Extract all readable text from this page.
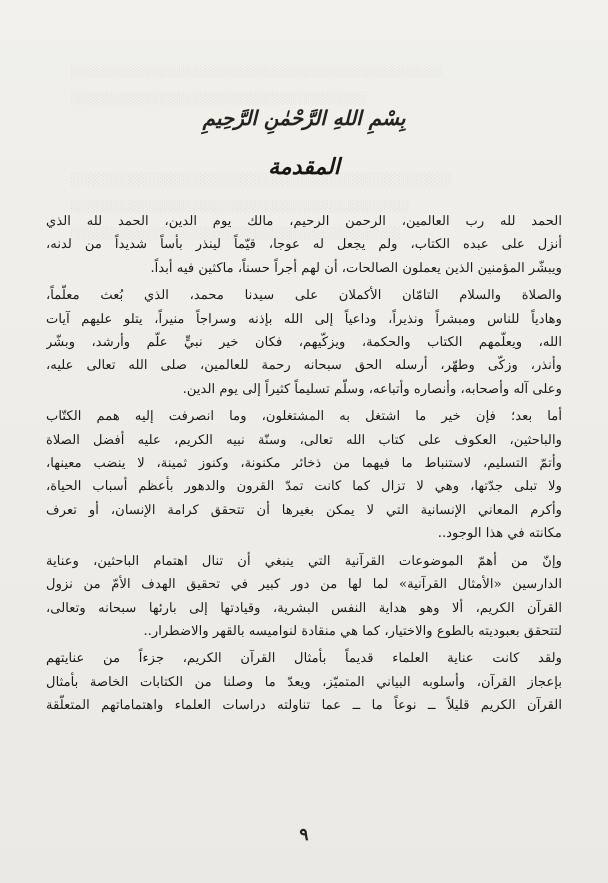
░░░░░░░░░░░░░░░░░░░░░░░░░░░░░░░░░░░░░░░░░░░░
░░░░░░░░░░░░░░░░░░░░░░░░░░░░░░░░░░░

░░░░░░░░░░░░░░░░░░░░░░░░░░░░░░░░░░░░░░░░░░░░░
░░░░░░░░░░░░░░░░░░░░░░░░░░░░░░░░░░░░░░░░
░░░░░░░░░░░░░░░░░░░░░░░░░░░░░░░░░░░░░░░
بِسْمِ اللهِ الرَّحْمٰنِ الرَّحِيمِ
المقدمة

الحمد لله رب العالمين، الرحمن الرحيم، مالك يوم الدين، الحمد لله الذي
أنزل على عبده الكتاب، ولم يجعل له عوجا، قيّماً لينذر بأساً شديداً من لدنه،
ويبشّر المؤمنين الذين يعملون الصالحات، أن لهم أجراً حسناً، ماكثين فيه أبداً.

والصلاة والسلام التامّان الأكملان على سيدنا محمد، الذي بُعث معلّماً،
وهادياً للناس ومبشراً ونذيراً، وداعياً إلى الله بإذنه وسراجاً منيراً، يتلو عليهم آيات
الله، ويعلّمهم الكتاب والحكمة، ويزكّيهم، فكان خير نبيٍّ علّم وأرشد، وبشّر
وأنذر، وزكّى وطهّر، أرسله الحق سبحانه رحمة للعالمين، صلى الله تعالى عليه،
وعلى آله وأصحابه، وأنصاره وأتباعه، وسلّم تسليماً كثيراً إلى يوم الدين.

أما بعد؛ فإن خير ما اشتغل به المشتغلون، وما انصرفت إليه همم الكتّاب
والباحثين، العكوف على كتاب الله تعالى، وسنّة نبيه الكريم، عليه أفضل الصلاة
وأتمّ التسليم، لاستنباط ما فيهما من ذخائر مكنونة، وكنوز ثمينة، لا ينضب معينها،
ولا تبلى جدّتها، وهي لا تزال كما كانت تمدّ القرون والدهور بأعظم أسباب الحياة،
وأكرم المعاني الإنسانية التي لا يمكن بغيرها أن تتحقق كرامة الإنسان، أو تعرف
مكانته في هذا الوجود..

وإنّ من أهمّ الموضوعات القرآنية التي ينبغي أن تنال اهتمام الباحثين، وعناية
الدارسين «الأمثال القرآنية» لما لها من دور كبير في تحقيق الهدف الأمّ من نزول
القرآن الكريم، ألا وهو هداية النفس البشرية، وقيادتها إلى بارئها سبحانه وتعالى،
لتتحقق بعبوديته بالطوع والاختيار، كما هي منقادة لنواميسه بالقهر والاضطرار..

ولقد كانت عناية العلماء قديماً بأمثال القرآن الكريم، جزءاً من عنايتهم
بإعجاز القرآن، وأسلوبه البياني المتميّز، ويعدّ ما وصلنا من الكتابات الخاصة بأمثال
القرآن الكريم قليلاً ــ نوعاً ما ــ عما تناولته دراسات العلماء واهتماماتهم المتعلّقة

٩
